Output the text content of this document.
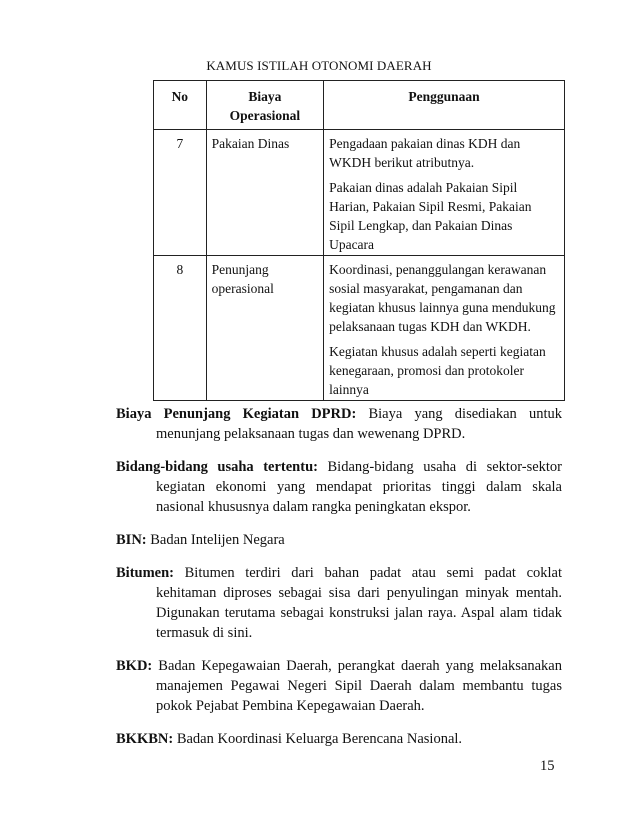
KAMUS ISTILAH OTONOMI DAERAH
No	Biaya Operasional	Penggunaan
7	Pakaian Dinas	Pengadaan pakaian dinas KDH dan WKDH berikut atributnya.

Pakaian dinas adalah Pakaian Sipil Harian, Pakaian Sipil Resmi, Pakaian Sipil Lengkap, dan Pakaian Dinas Upacara

8	Penunjang operasional	Koordinasi, penanggulangan kerawanan sosial masyarakat, pengamanan dan kegiatan khusus lainnya guna mendukung pelaksanaan tugas KDH dan WKDH.

Kegiatan khusus adalah seperti kegiatan kenegaraan, promosi dan protokoler lainnya

Biaya Penunjang Kegiatan DPRD: Biaya yang disediakan untuk menunjang pelaksanaan tugas dan wewenang DPRD.

Bidang-bidang usaha tertentu: Bidang-bidang usaha di sektor-sektor kegiatan ekonomi yang mendapat prioritas tinggi dalam skala nasional khususnya dalam rangka peningkatan ekspor.

BIN: Badan Intelijen Negara

Bitumen: Bitumen terdiri dari bahan padat atau semi padat coklat kehitaman diproses sebagai sisa dari penyulingan minyak mentah. Digunakan terutama sebagai konstruksi jalan raya. Aspal alam tidak termasuk di sini.

BKD: Badan Kepegawaian Daerah, perangkat daerah yang melaksanakan manajemen Pegawai Negeri Sipil Daerah dalam membantu tugas pokok Pejabat Pembina Kepegawaian Daerah.

BKKBN: Badan Koordinasi Keluarga Berencana Nasional.

15
